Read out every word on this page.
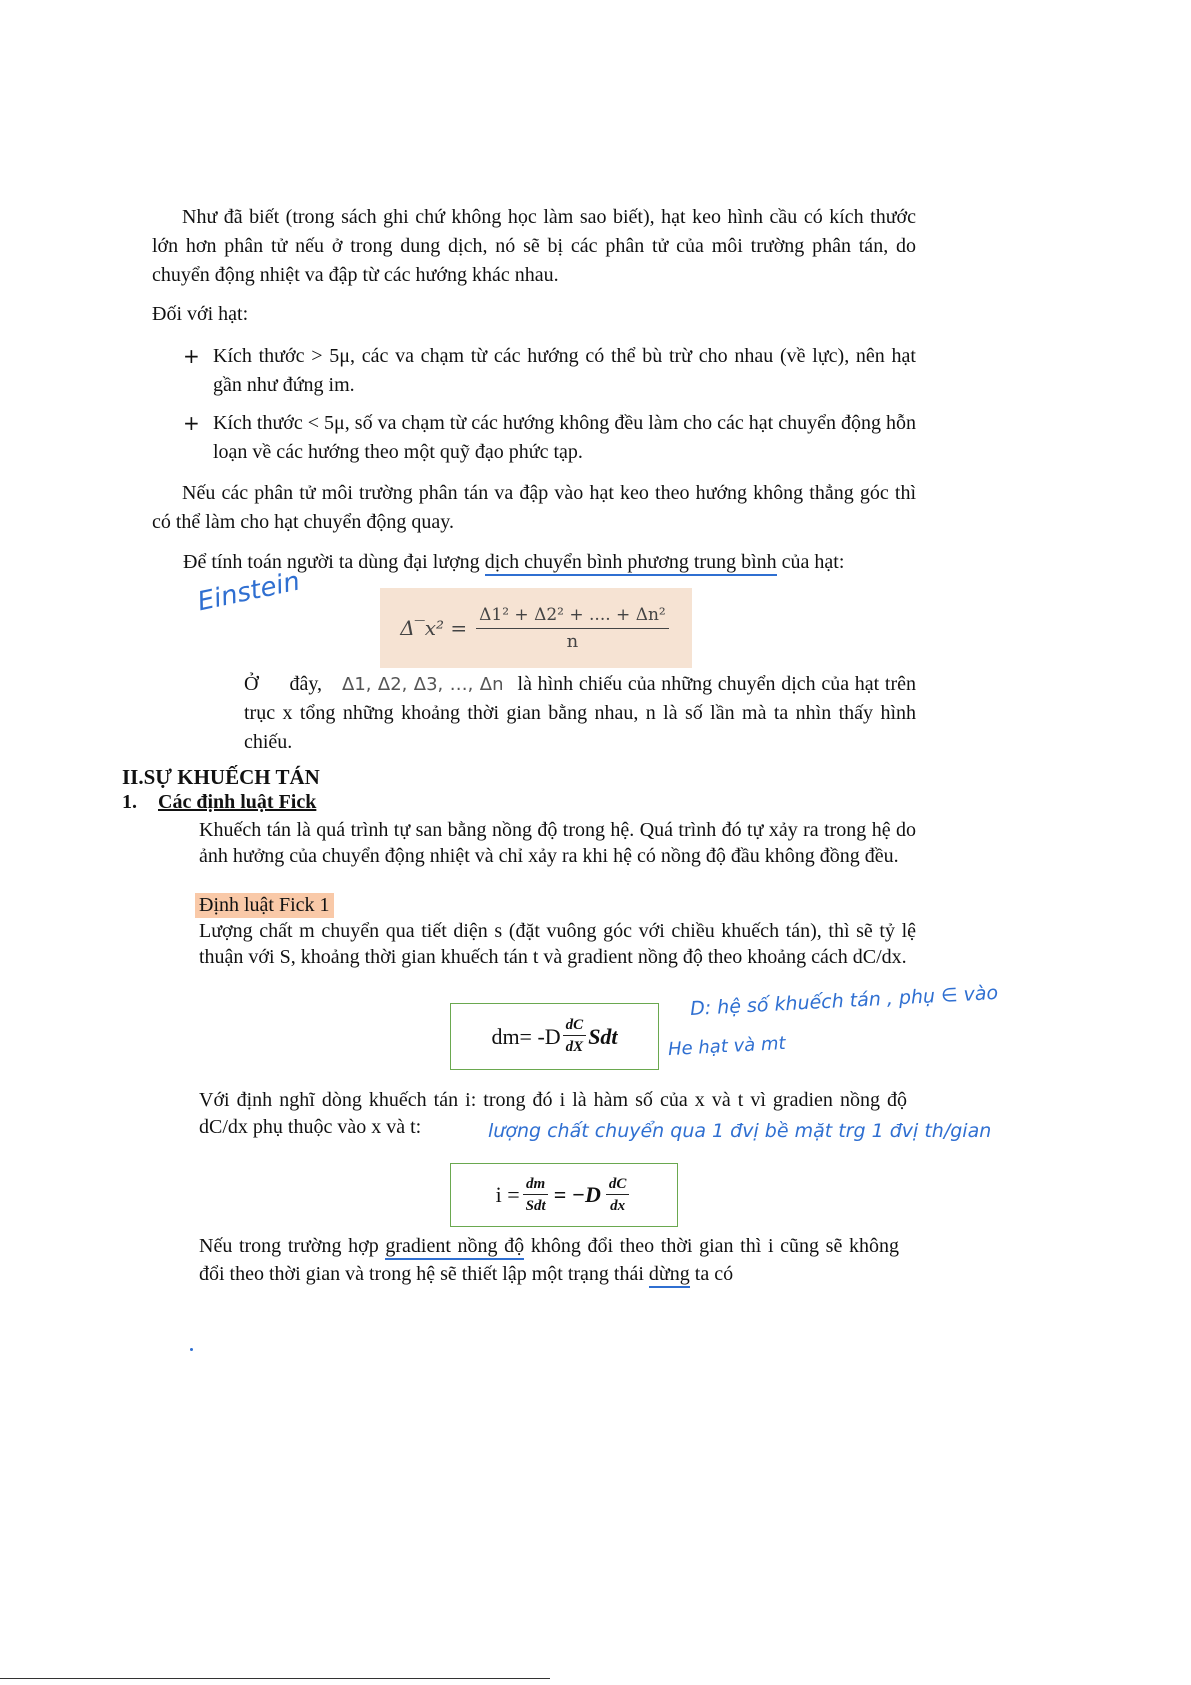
Như đã biết (trong sách ghi chứ không học làm sao biết), hạt keo hình cầu có kích thước lớn hơn phân tử nếu ở trong dung dịch, nó sẽ bị các phân tử của môi trường phân tán, do chuyển động nhiệt va đập từ các hướng khác nhau.
Đối với hạt:
+ Kích thước > 5μ, các va chạm từ các hướng có thể bù trừ cho nhau (về lực), nên hạt gần như đứng im.
+ Kích thước < 5μ, số va chạm từ các hướng không đều làm cho các hạt chuyển động hỗn loạn về các hướng theo một quỹ đạo phức tạp.
Nếu các phân tử môi trường phân tán va đập vào hạt keo theo hướng không thẳng góc thì có thể làm cho hạt chuyển động quay.
Để tính toán người ta dùng đại lượng dịch chuyển bình phương trung bình của hạt:
Einstein
Δ‾x² = $\frac{\text{Δ1² + Δ2² + .... + Δn²}}{n}$
Ở đây, Δ1, Δ2, Δ3, …, Δn là hình chiếu của những chuyển dịch của hạt trên trục x tổng những khoảng thời gian bằng nhau, n là số lần mà ta nhìn thấy hình chiếu.
II.SỰ KHUẾCH TÁN
1. Các định luật Fick
Khuếch tán là quá trình tự san bằng nồng độ trong hệ. Quá trình đó tự xảy ra trong hệ do ảnh hưởng của chuyển động nhiệt và chỉ xảy ra khi hệ có nồng độ đầu không đồng đều.
Định luật Fick 1
Lượng chất m chuyển qua tiết diện s (đặt vuông góc với chiều khuếch tán), thì sẽ tỷ lệ thuận với S, khoảng thời gian khuếch tán t và gradient nồng độ theo khoảng cách dC/dx.
$dm= -D \frac{dC}{dX}$ Sdt
D: hệ số khuếch tán , phụ ∈ vào
He hạt và mt
Với định nghĩ dòng khuếch tán i: trong đó i là hàm số của x và t vì gradien nồng độ dC/dx phụ thuộc vào x và t:	lượng chất chuyển qua 1 đvị bề mặt trg 1 đvị th/gian
$i = \frac{dm}{\text{Sdt}} = -D \frac{dC}{dx}$
Nếu trong trường hợp gradient nồng độ không đổi theo thời gian thì i cũng sẽ không đổi theo thời gian và trong hệ sẽ thiết lập một trạng thái dừng ta có
